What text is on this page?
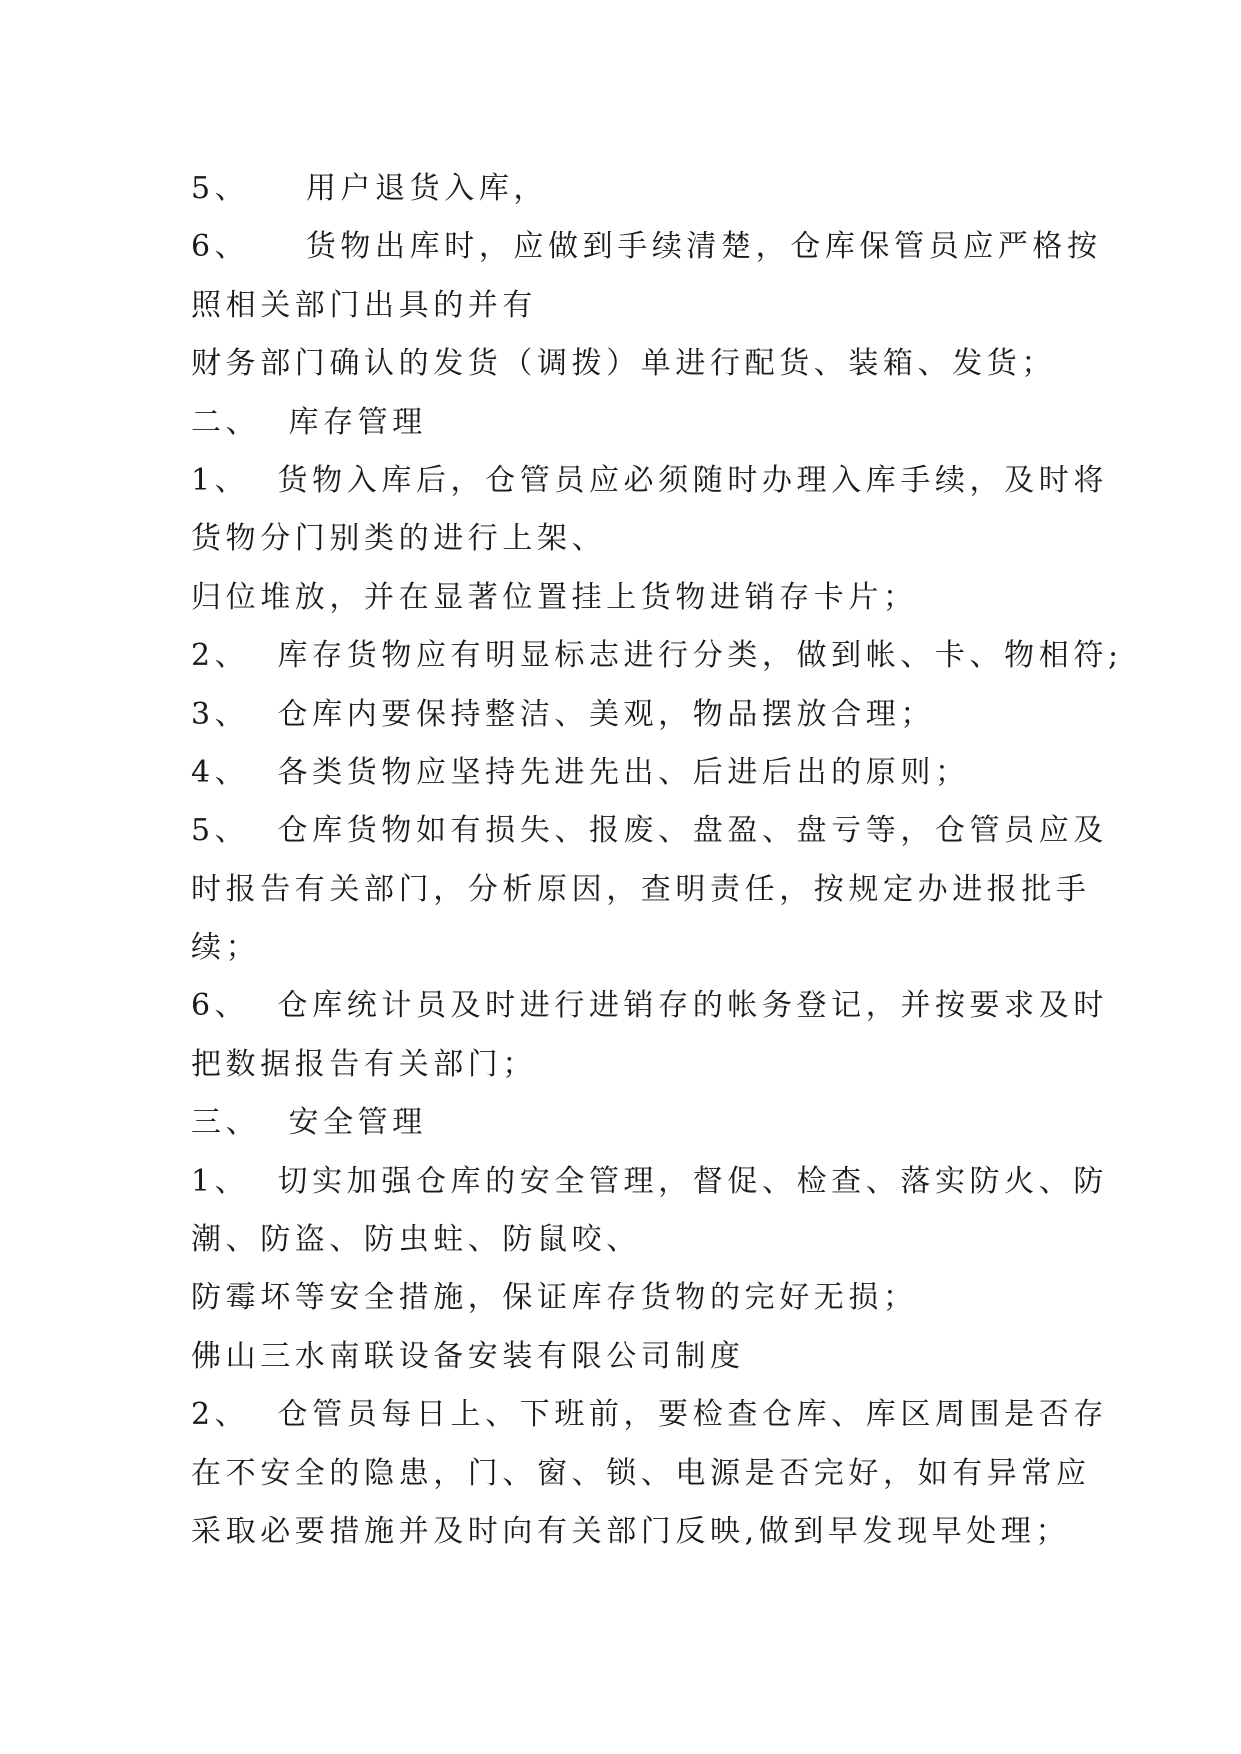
5、    用户退货入库，
6、    货物出库时，应做到手续清楚，仓库保管员应严格按
照相关部门出具的并有
财务部门确认的发货（调拨）单进行配货、装箱、发货；
二、  库存管理
1、  货物入库后，仓管员应必须随时办理入库手续，及时将
货物分门别类的进行上架、
归位堆放，并在显著位置挂上货物进销存卡片；
2、  库存货物应有明显标志进行分类，做到帐、卡、物相符;
3、  仓库内要保持整洁、美观，物品摆放合理；
4、  各类货物应坚持先进先出、后进后出的原则；
5、  仓库货物如有损失、报废、盘盈、盘亏等，仓管员应及
时报告有关部门，分析原因，查明责任，按规定办进报批手
续；
6、  仓库统计员及时进行进销存的帐务登记，并按要求及时
把数据报告有关部门；
三、  安全管理
1、  切实加强仓库的安全管理，督促、检查、落实防火、防
潮、防盗、防虫蛀、防鼠咬、
防霉坏等安全措施，保证库存货物的完好无损；
佛山三水南联设备安装有限公司制度
2、  仓管员每日上、下班前，要检查仓库、库区周围是否存
在不安全的隐患，门、窗、锁、电源是否完好，如有异常应
采取必要措施并及时向有关部门反映,做到早发现早处理；
